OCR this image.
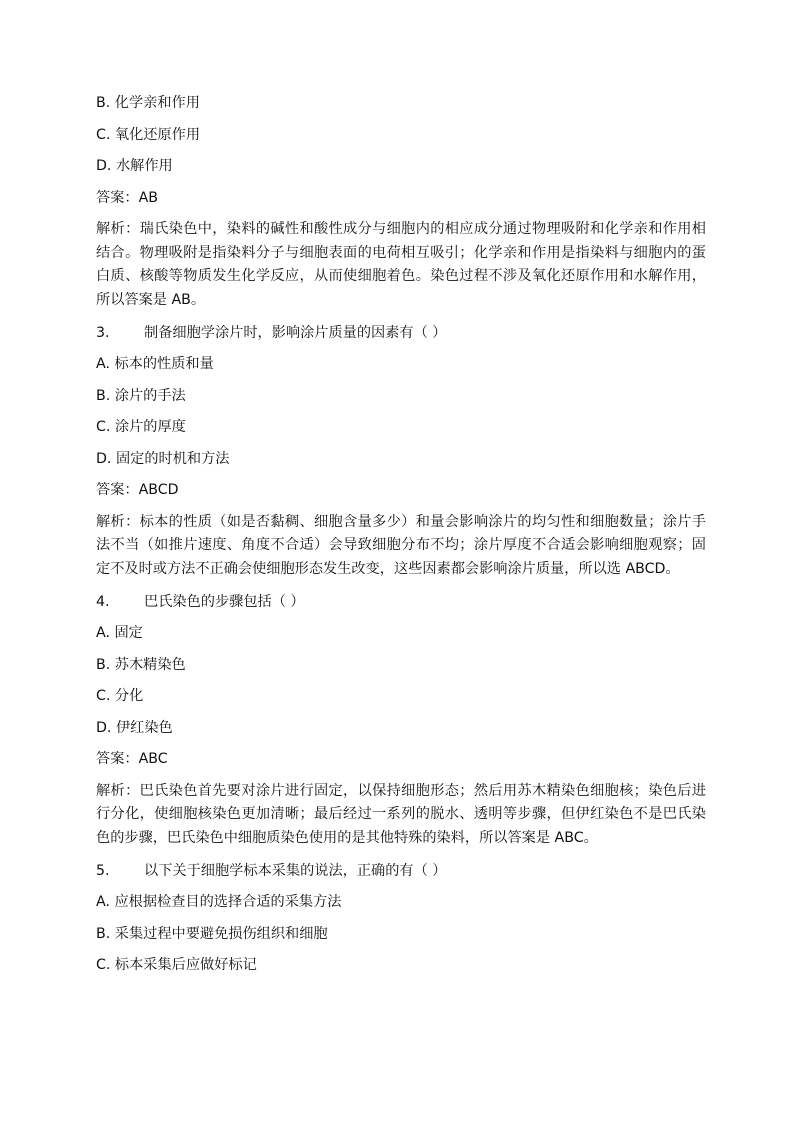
B. 化学亲和作用

C. 氧化还原作用

D. 水解作用

答案：AB

解析：瑞氏染色中，染料的碱性和酸性成分与细胞内的相应成分通过物理吸附和化学亲和作用相结合。物理吸附是指染料分子与细胞表面的电荷相互吸引；化学亲和作用是指染料与细胞内的蛋白质、核酸等物质发生化学反应，从而使细胞着色。染色过程不涉及氧化还原作用和水解作用，所以答案是 AB。

3. 制备细胞学涂片时，影响涂片质量的因素有（ ）

A. 标本的性质和量

B. 涂片的手法

C. 涂片的厚度

D. 固定的时机和方法

答案：ABCD

解析：标本的性质（如是否黏稠、细胞含量多少）和量会影响涂片的均匀性和细胞数量；涂片手法不当（如推片速度、角度不合适）会导致细胞分布不均；涂片厚度不合适会影响细胞观察；固定不及时或方法不正确会使细胞形态发生改变，这些因素都会影响涂片质量，所以选 ABCD。

4. 巴氏染色的步骤包括（ ）

A. 固定

B. 苏木精染色

C. 分化

D. 伊红染色

答案：ABC

解析：巴氏染色首先要对涂片进行固定，以保持细胞形态；然后用苏木精染色细胞核；染色后进行分化，使细胞核染色更加清晰；最后经过一系列的脱水、透明等步骤，但伊红染色不是巴氏染色的步骤，巴氏染色中细胞质染色使用的是其他特殊的染料，所以答案是 ABC。

5. 以下关于细胞学标本采集的说法，正确的有（ ）

A. 应根据检查目的选择合适的采集方法

B. 采集过程中要避免损伤组织和细胞

C. 标本采集后应做好标记
